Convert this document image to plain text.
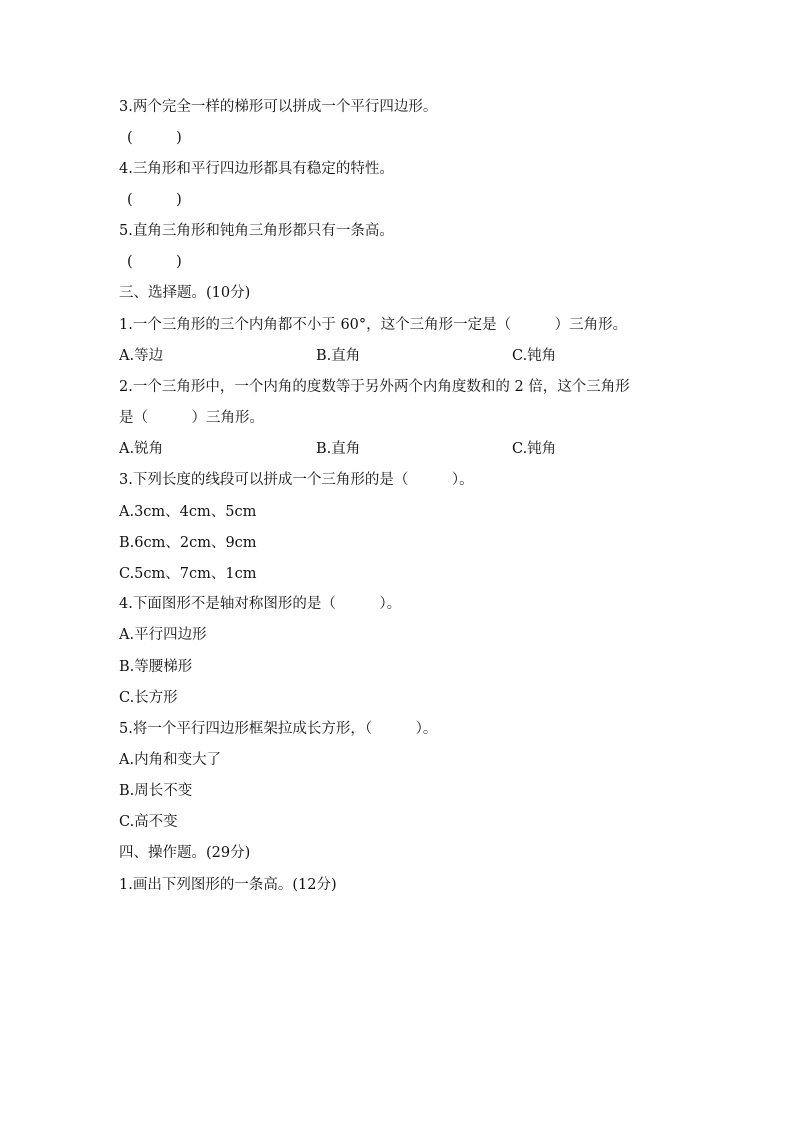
3.两个完全一样的梯形可以拼成一个平行四边形。
(　　　)
4.三角形和平行四边形都具有稳定的特性。
(　　　)
5.直角三角形和钝角三角形都只有一条高。
(　　　)
三、选择题。(10分)
1.一个三角形的三个内角都不小于 60°，这个三角形一定是（　　　）三角形。
A.等边	B.直角	C.钝角
2.一个三角形中，一个内角的度数等于另外两个内角度数和的 2 倍，这个三角形
是（　　　）三角形。
A.锐角	B.直角	C.钝角
3.下列长度的线段可以拼成一个三角形的是（　　　）。
A.3cm、4cm、5cm
B.6cm、2cm、9cm
C.5cm、7cm、1cm
4.下面图形不是轴对称图形的是（　　　）。
A.平行四边形
B.等腰梯形
C.长方形
5.将一个平行四边形框架拉成长方形，（　　　）。
A.内角和变大了
B.周长不变
C.高不变
四、操作题。(29分)
1.画出下列图形的一条高。(12分)
